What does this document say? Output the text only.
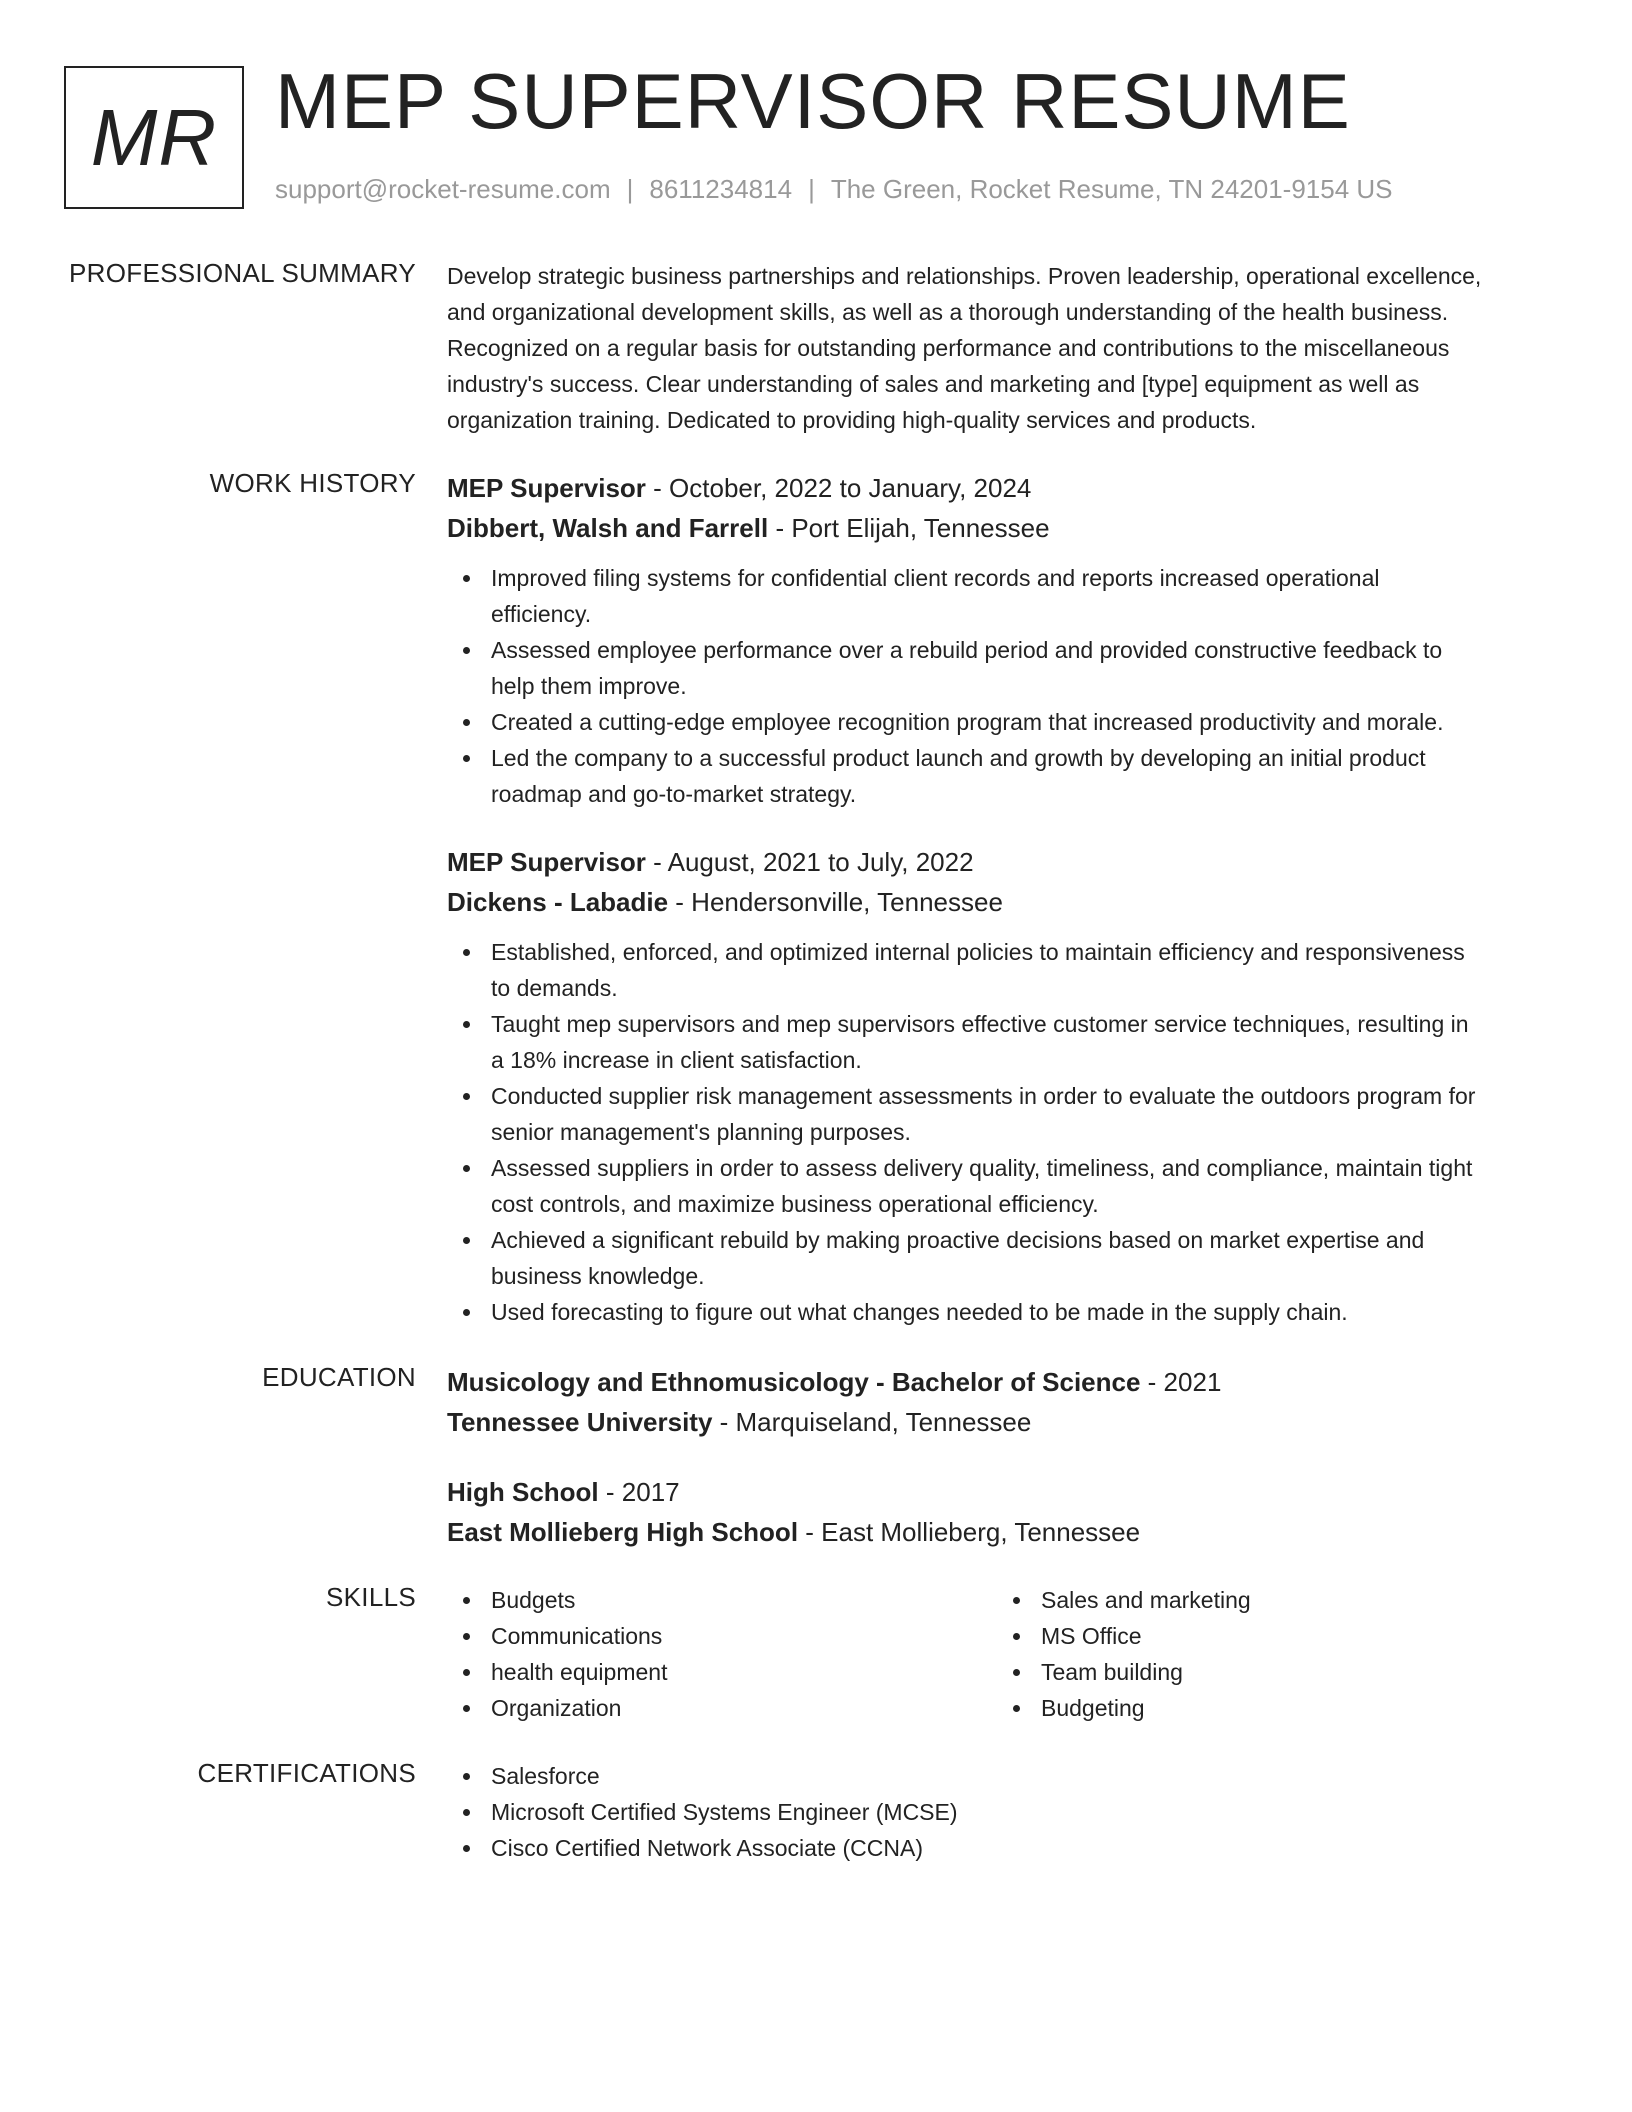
MR MEP SUPERVISOR RESUME
support@rocket-resume.com | 8611234814 | The Green, Rocket Resume, TN 24201-9154 US
PROFESSIONAL SUMMARY Develop strategic business partnerships and relationships. Proven leadership, operational excellence,
and organizational development skills, as well as a thorough understanding of the health business.
Recognized on a regular basis for outstanding performance and contributions to the miscellaneous
industry's success. Clear understanding of sales and marketing and [type] equipment as well as
organization training. Dedicated to providing high-quality services and products.
WORK HISTORY MEP Supervisor - October, 2022 to January, 2024
Dibbert, Walsh and Farrell - Port Elijah, Tennessee
Improved filing systems for confidential client records and reports increased operational
efficiency.
Assessed employee performance over a rebuild period and provided constructive feedback to
help them improve.
Created a cutting-edge employee recognition program that increased productivity and morale.
Led the company to a successful product launch and growth by developing an initial product
roadmap and go-to-market strategy.
MEP Supervisor - August, 2021 to July, 2022
Dickens - Labadie - Hendersonville, Tennessee
Established, enforced, and optimized internal policies to maintain efficiency and responsiveness
to demands.
Taught mep supervisors and mep supervisors effective customer service techniques, resulting in
a 18% increase in client satisfaction.
Conducted supplier risk management assessments in order to evaluate the outdoors program for
senior management's planning purposes.
Assessed suppliers in order to assess delivery quality, timeliness, and compliance, maintain tight
cost controls, and maximize business operational efficiency.
Achieved a significant rebuild by making proactive decisions based on market expertise and
business knowledge.
Used forecasting to figure out what changes needed to be made in the supply chain.
EDUCATION Musicology and Ethnomusicology - Bachelor of Science - 2021
Tennessee University - Marquiseland, Tennessee
High School - 2017
East Mollieberg High School - East Mollieberg, Tennessee
SKILLS	Budgets
Communications
health equipment
Organization
Sales and marketing
MS Office
Team building
Budgeting
CERTIFICATIONS	Salesforce
Microsoft Certified Systems Engineer (MCSE)
Cisco Certified Network Associate (CCNA)
